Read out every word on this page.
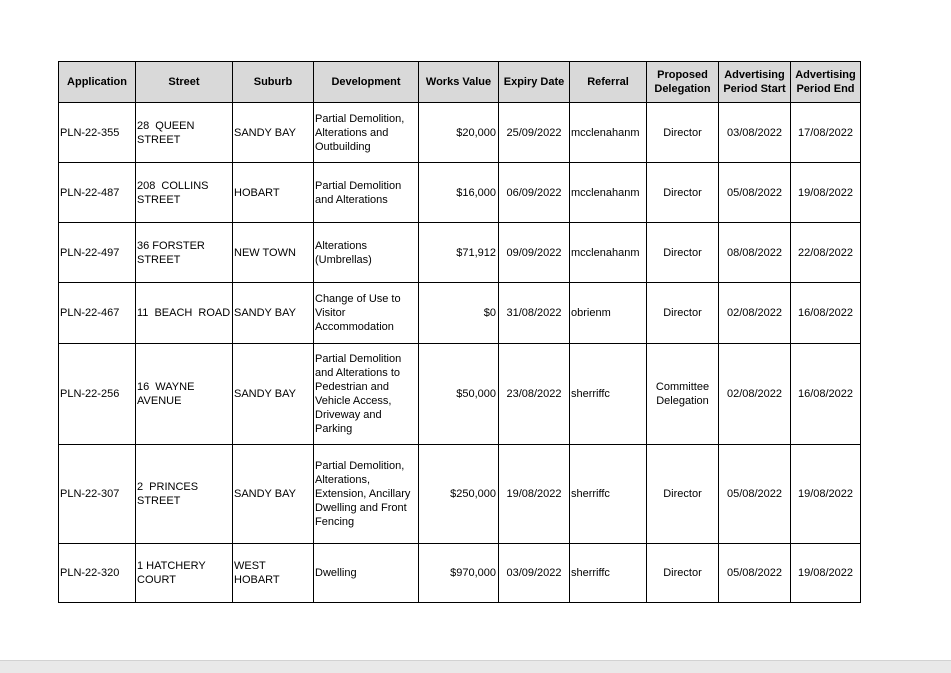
Application	Street	Suburb	Development	Works Value	Expiry Date	Referral	Proposed Delegation	Advertising Period Start	Advertising Period End
PLN-22-355	28 QUEEN STREET	SANDY BAY	Partial Demolition, Alterations and Outbuilding	$20,000	25/09/2022	mcclenahanm	Director	03/08/2022	17/08/2022
PLN-22-487	208 COLLINS STREET	HOBART	Partial Demolition and Alterations	$16,000	06/09/2022	mcclenahanm	Director	05/08/2022	19/08/2022
PLN-22-497	36 FORSTER STREET	NEW TOWN	Alterations (Umbrellas)	$71,912	09/09/2022	mcclenahanm	Director	08/08/2022	22/08/2022
PLN-22-467	11 BEACH ROAD	SANDY BAY	Change of Use to Visitor Accommodation	$0	31/08/2022	obrienm	Director	02/08/2022	16/08/2022
PLN-22-256	16 WAYNE AVENUE	SANDY BAY	Partial Demolition and Alterations to Pedestrian and Vehicle Access, Driveway and Parking	$50,000	23/08/2022	sherriffc	Committee Delegation	02/08/2022	16/08/2022
PLN-22-307	2 PRINCES STREET	SANDY BAY	Partial Demolition, Alterations, Extension, Ancillary Dwelling and Front Fencing	$250,000	19/08/2022	sherriffc	Director	05/08/2022	19/08/2022
PLN-22-320	1 HATCHERY COURT	WEST HOBART	Dwelling	$970,000	03/09/2022	sherriffc	Director	05/08/2022	19/08/2022
